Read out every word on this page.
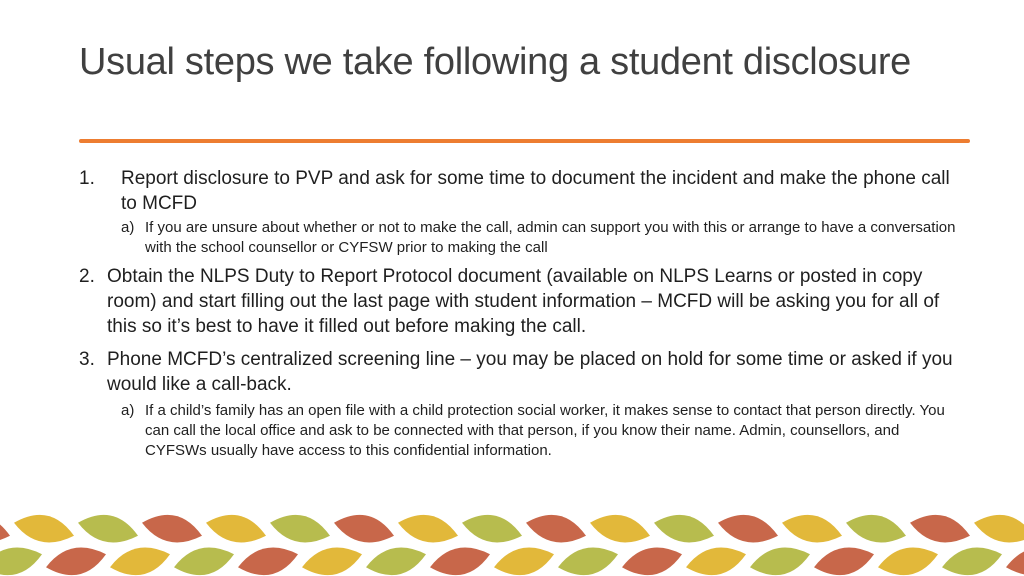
Usual steps we take following a student disclosure
1. Report disclosure to PVP and ask for some time to document the incident and make the phone call to MCFD
a) If you are unsure about whether or not to make the call, admin can support you with this or arrange to have a conversation with the school counsellor or CYFSW prior to making the call
2. Obtain the NLPS Duty to Report Protocol document (available on NLPS Learns or posted in copy room) and start filling out the last page with student information – MCFD will be asking you for all of this so it’s best to have it filled out before making the call.
3. Phone MCFD’s centralized screening line – you may be placed on hold for some time or asked if you would like a call-back.
a) If a child’s family has an open file with a child protection social worker, it makes sense to contact that person directly. You can call the local office and ask to be connected with that person, if you know their name. Admin, counsellors, and CYFSWs usually have access to this confidential information.
